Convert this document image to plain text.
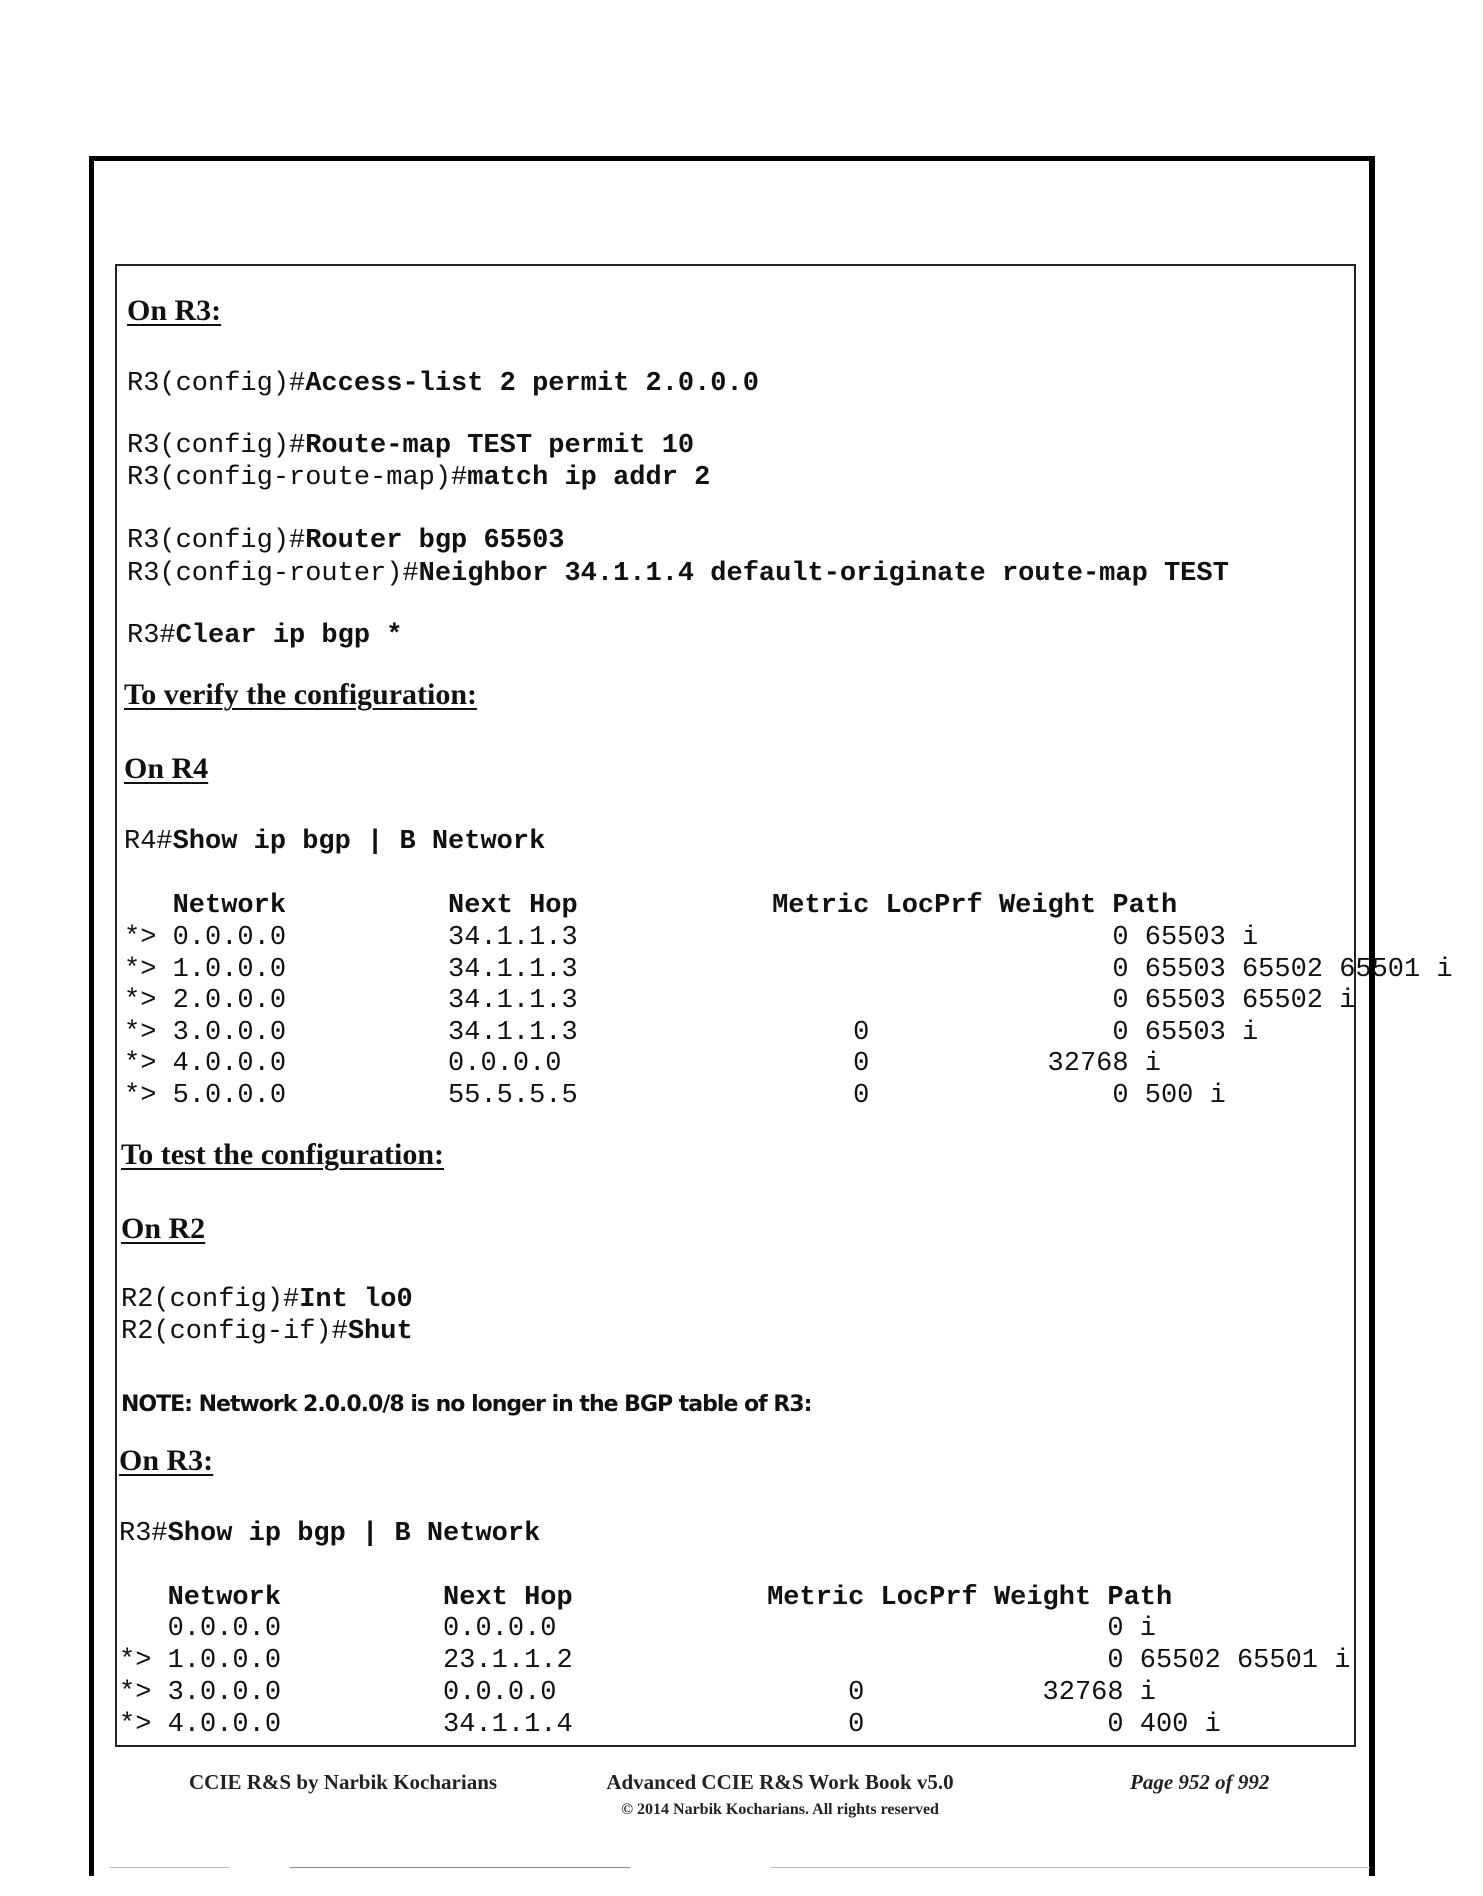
On R3:
R3(config)#Access-list 2 permit 2.0.0.0
R3(config)#Route-map TEST permit 10
R3(config-route-map)#match ip addr 2
R3(config)#Router bgp 65503
R3(config-router)#Neighbor 34.1.1.4 default-originate route-map TEST
R3#Clear ip bgp *
To verify the configuration:
On R4
R4#Show ip bgp | B Network
Network          Next Hop            Metric LocPrf Weight Path
*> 0.0.0.0          34.1.1.3                                 0 65503 i
*> 1.0.0.0          34.1.1.3                                 0 65503 65502 65501 i
*> 2.0.0.0          34.1.1.3                                 0 65503 65502 i
*> 3.0.0.0          34.1.1.3                 0               0 65503 i
*> 4.0.0.0          0.0.0.0                  0           32768 i
*> 5.0.0.0          55.5.5.5                 0               0 500 i
To test the configuration:
On R2
R2(config)#Int lo0
R2(config-if)#Shut
NOTE: Network 2.0.0.0/8 is no longer in the BGP table of R3:
On R3:
R3#Show ip bgp | B Network
Network          Next Hop            Metric LocPrf Weight Path
0.0.0.0          0.0.0.0                                  0 i
*> 1.0.0.0          23.1.1.2                                 0 65502 65501 i
*> 3.0.0.0          0.0.0.0                  0           32768 i
*> 4.0.0.0          34.1.1.4                 0               0 400 i
CCIE R&S by Narbik Kocharians	Advanced CCIE R&S Work Book v5.0
© 2014 Narbik Kocharians. All rights reserved
Page 952 of 992
